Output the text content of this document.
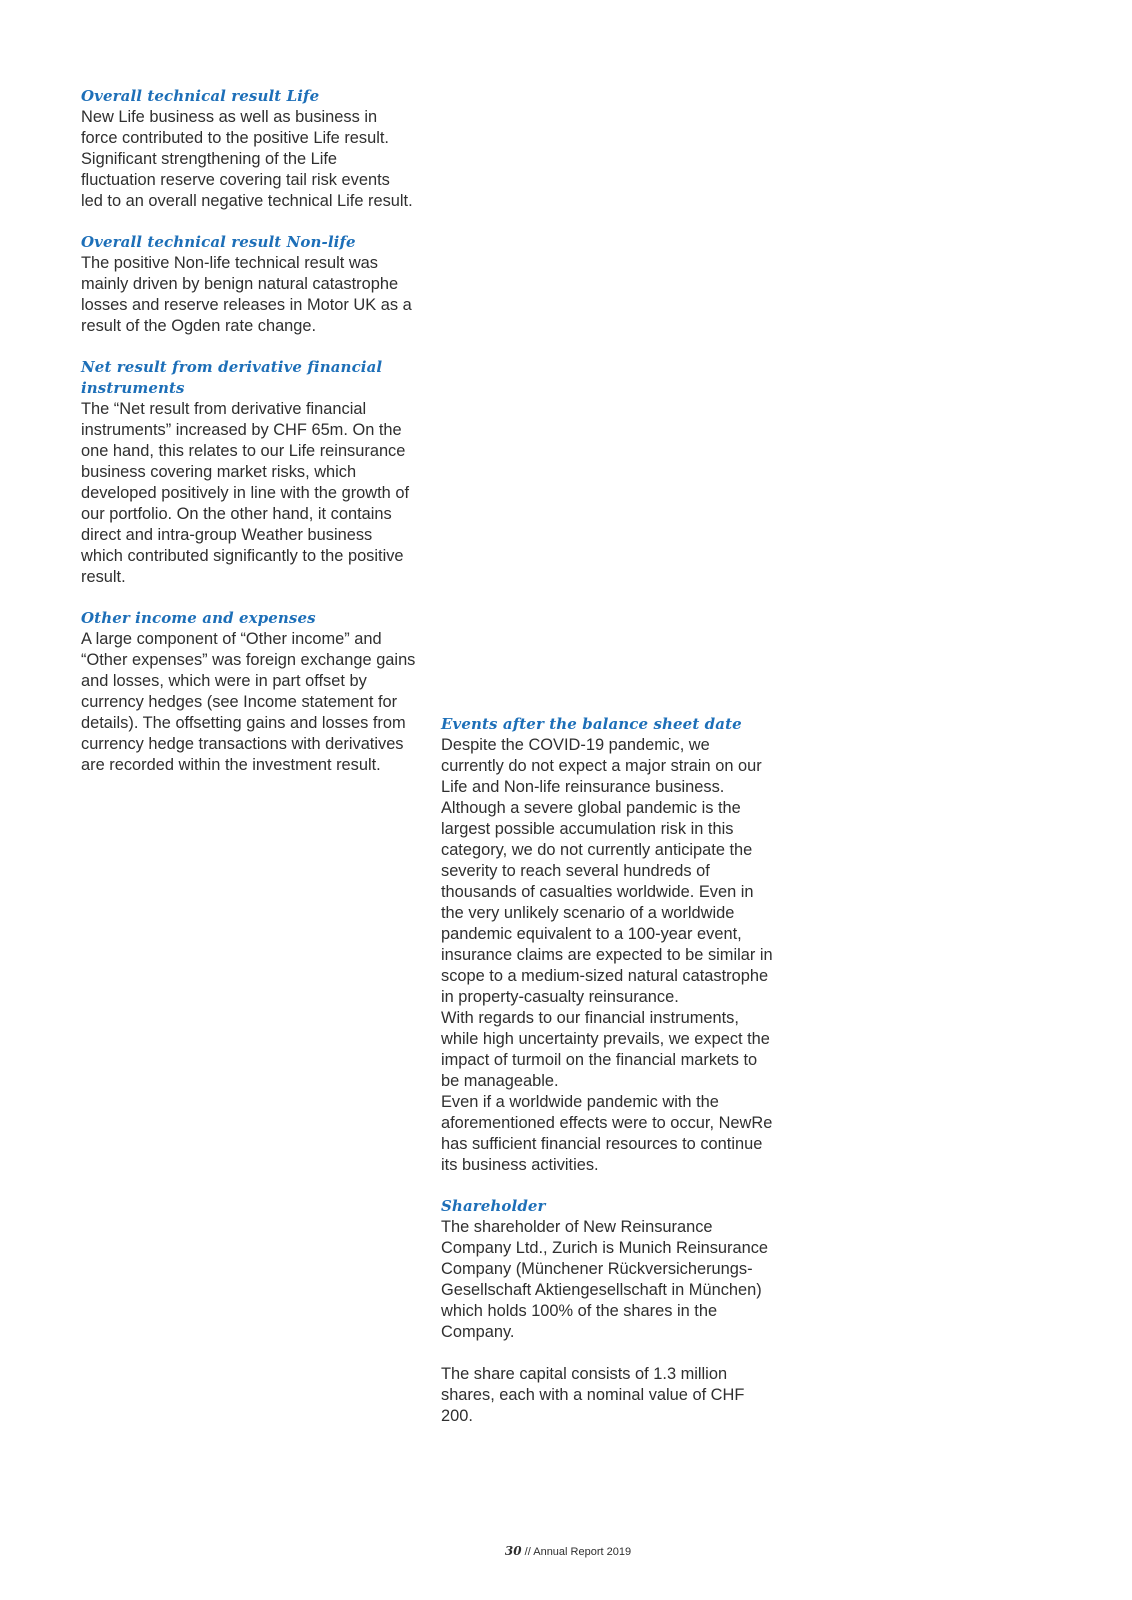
Overall technical result Life

New Life business as well as business in force contributed to the positive Life result. Significant strengthening of the Life fluctuation reserve covering tail risk events led to an overall negative technical Life result.

Overall technical result Non-life

The positive Non-life technical result was mainly driven by benign natural catastrophe losses and reserve releases in Motor UK as a result of the Ogden rate change.

Net result from derivative financial instruments

The “Net result from derivative financial instruments” increased by CHF 65m. On the one hand, this relates to our Life reinsurance business covering market risks, which developed positively in line with the growth of our portfolio. On the other hand, it contains direct and intra-group Weather business which contributed significantly to the positive result.

Other income and expenses

A large component of “Other income” and “Other expenses” was foreign exchange gains and losses, which were in part offset by currency hedges (see Income statement for details). The offsetting gains and losses from currency hedge transactions with derivatives are recorded within the investment result.

Events after the balance sheet date

Despite the COVID-19 pandemic, we currently do not expect a major strain on our Life and Non-life reinsurance business. Although a severe global pandemic is the largest possible accumulation risk in this category, we do not currently anticipate the severity to reach several hundreds of thousands of casualties worldwide. Even in the very unlikely scenario of a worldwide pandemic equivalent to a 100-year event, insurance claims are expected to be similar in scope to a medium-sized natural catastrophe in property-casualty reinsurance.

With regards to our financial instruments, while high uncertainty prevails, we expect the impact of turmoil on the financial markets to be manageable.

Even if a worldwide pandemic with the aforementioned effects were to occur, NewRe has sufficient financial resources to continue its business activities.

Shareholder

The shareholder of New Reinsurance Company Ltd., Zurich is Munich Reinsurance Company (Münchener Rückversicherungs-Gesellschaft Aktiengesellschaft in München) which holds 100% of the shares in the Company.

The share capital consists of 1.3 million shares, each with a nominal value of CHF 200.

30 // Annual Report 2019
